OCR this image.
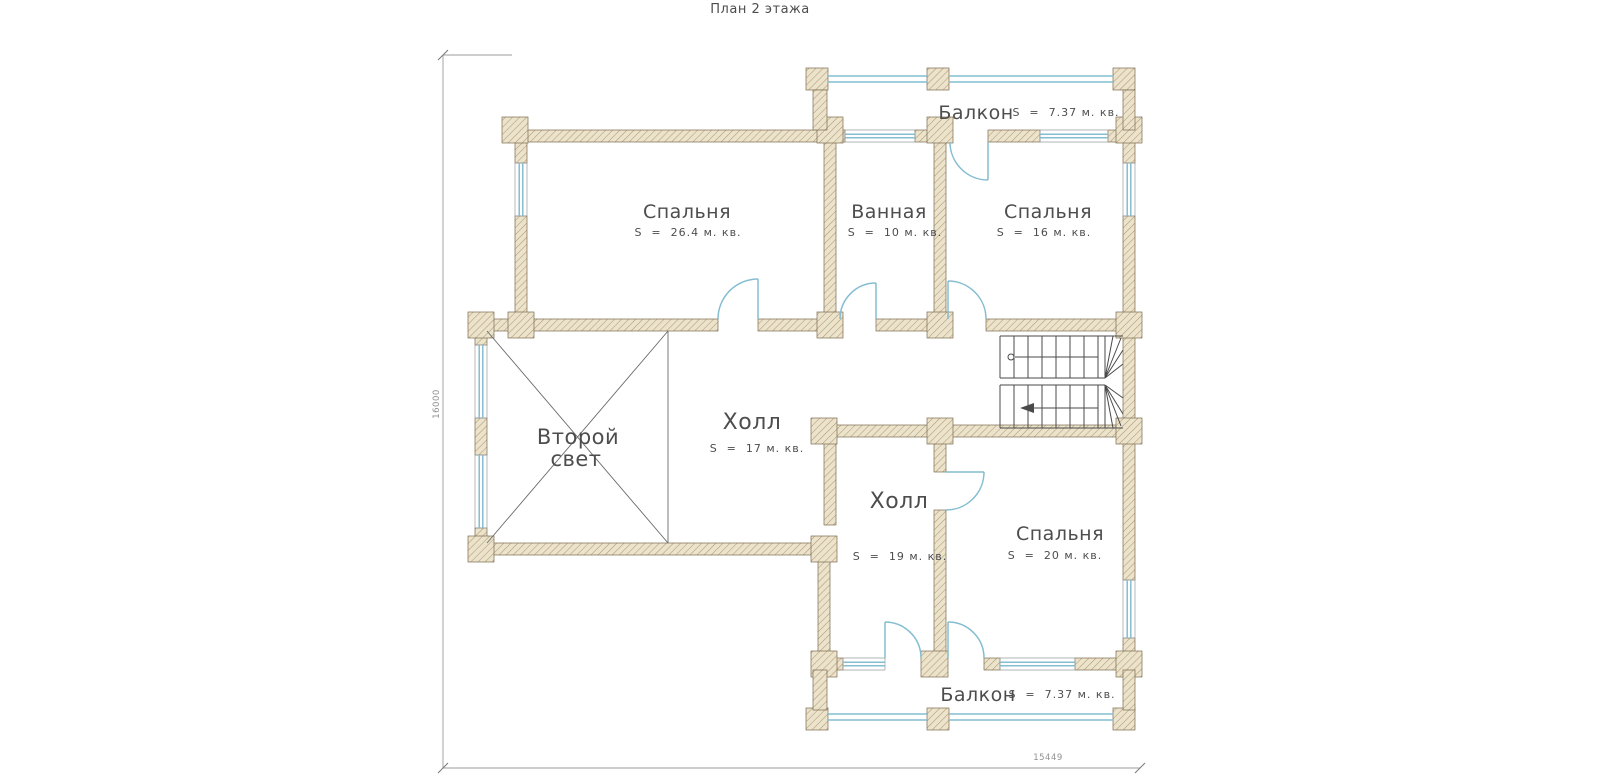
План 2 этажа
16000
15449
Спальня
S  =  26.4 м. кв.
Ванная
S  =  10 м. кв.
Спальня
S  =  16 м. кв.
Второй
свет
Холл
S  =  17 м. кв.
Холл
S  =  19 м. кв.
Спальня
S  =  20 м. кв.
Балкон
S  =  7.37 м. кв.
Балкон
S  =  7.37 м. кв.
